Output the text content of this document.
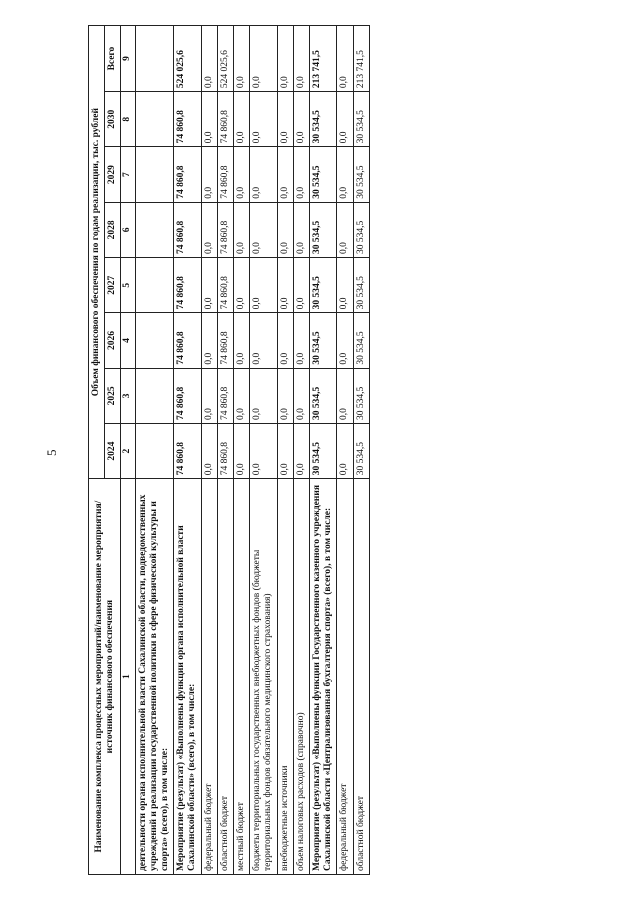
5
Наименование комплекса процессных мероприятий/наименование мероприятия/источник финансового обеспечения	Объем финансового обеспечения по годам реализации, тыс. рублей							
	2024	2025	2026	2027	2028	2029	2030	Всего
1	2	3	4	5	6	7	8	9
деятельности органа исполнительной власти Сахалинской области, подведомственных учреждений и реализации государственной политики в сфере физической культуры и спорта» (всего), в том числе:								
Мероприятие (результат) «Выполнены функции органа исполнительной власти Сахалинской области» (всего), в том числе:	74 860,8	74 860,8	74 860,8	74 860,8	74 860,8	74 860,8	74 860,8	524 025,6
федеральный бюджет	0,0	0,0	0,0	0,0	0,0	0,0	0,0	0,0
областной бюджет	74 860,8	74 860,8	74 860,8	74 860,8	74 860,8	74 860,8	74 860,8	524 025,6
местный бюджет	0,0	0,0	0,0	0,0	0,0	0,0	0,0	0,0
бюджеты территориальных государственных внебюджетных фондов (бюджеты территориальных фондов обязательного медицинского страхования)	0,0	0,0	0,0	0,0	0,0	0,0	0,0	0,0
внебюджетные источники	0,0	0,0	0,0	0,0	0,0	0,0	0,0	0,0
объем налоговых расходов (справочно)	0,0	0,0	0,0	0,0	0,0	0,0	0,0	0,0
Мероприятие (результат) «Выполнены функции Государственного казенного учреждения Сахалинской области «Централизованная бухгалтерия спорта» (всего), в том числе:	30 534,5	30 534,5	30 534,5	30 534,5	30 534,5	30 534,5	30 534,5	213 741,5
федеральный бюджет	0,0	0,0	0,0	0,0	0,0	0,0	0,0	0,0
областной бюджет	30 534,5	30 534,5	30 534,5	30 534,5	30 534,5	30 534,5	30 534,5	213 741,5
